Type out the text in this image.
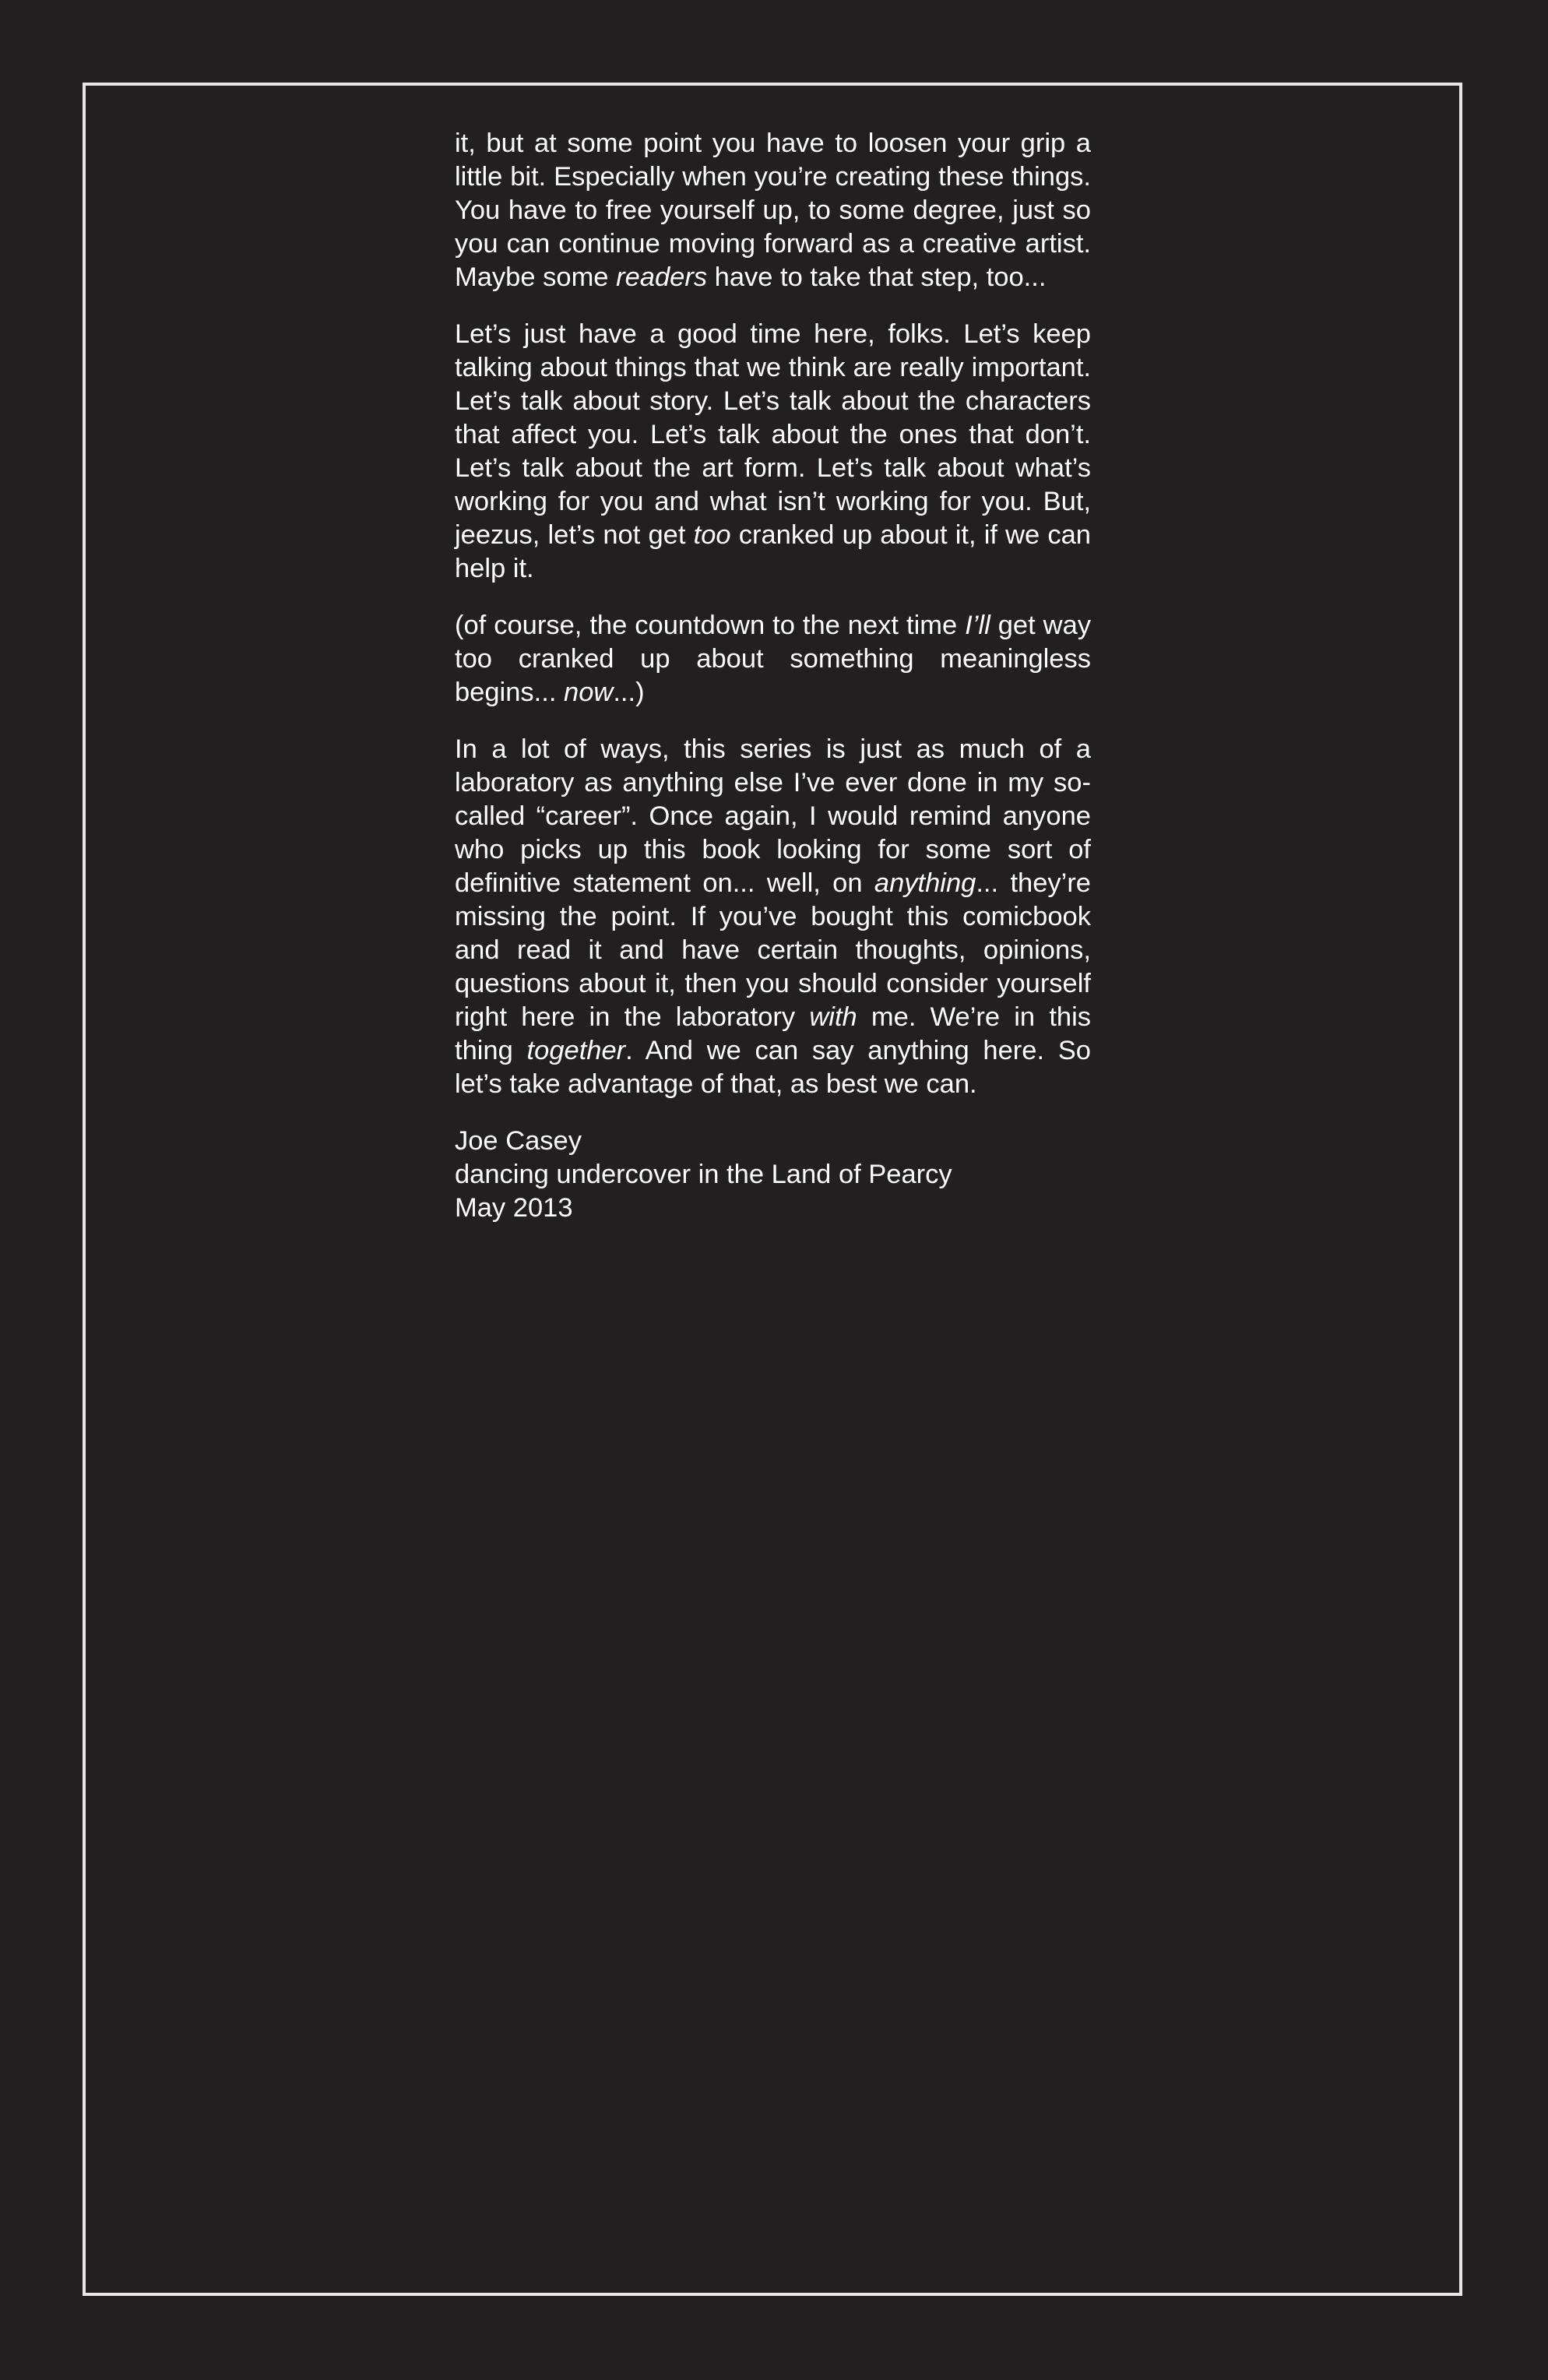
it, but at some point you have to loosen your grip a little bit. Especially when you’re creating these things. You have to free yourself up, to some degree, just so you can continue moving forward as a creative artist. Maybe some readers have to take that step, too...

Let’s just have a good time here, folks. Let’s keep talking about things that we think are really important. Let’s talk about story. Let’s talk about the characters that affect you. Let’s talk about the ones that don’t. Let’s talk about the art form. Let’s talk about what’s working for you and what isn’t working for you. But, jeezus, let’s not get too cranked up about it, if we can help it.

(of course, the countdown to the next time I’ll get way too cranked up about something meaningless begins... now...)

In a lot of ways, this series is just as much of a laboratory as anything else I’ve ever done in my so-called “career”. Once again, I would remind anyone who picks up this book looking for some sort of definitive statement on... well, on anything... they’re missing the point. If you’ve bought this comicbook and read it and have certain thoughts, opinions, questions about it, then you should consider yourself right here in the laboratory with me. We’re in this thing together. And we can say anything here. So let’s take advantage of that, as best we can.

Joe Casey
dancing undercover in the Land of Pearcy
May 2013
